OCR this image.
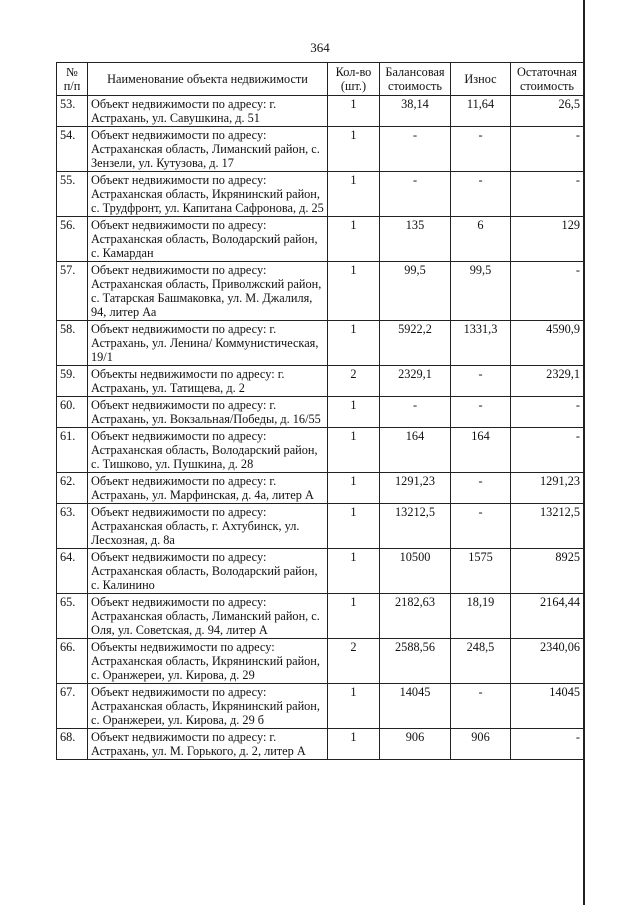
364
№ п/п	Наименование объекта недвижимости	Кол-во (шт.)	Балансовая стоимость	Износ	Остаточная стоимость
53.	Объект недвижимости по адресу: г. Астрахань, ул. Савушкина, д. 51	1	38,14	11,64	26,5
54.	Объект недвижимости по адресу: Астраханская область, Лиманский район, с. Зензели, ул. Кутузова, д. 17	1	-	-	-
55.	Объект недвижимости по адресу: Астраханская область, Икрянинский район, с. Трудфронт, ул. Капитана Сафронова, д. 25	1	-	-	-
56.	Объект недвижимости по адресу: Астраханская область, Володарский район, с. Камардан	1	135	6	129
57.	Объект недвижимости по адресу: Астраханская область, Приволжский район, с. Татарская Башмаковка, ул. М. Джалиля, 94, литер Аа	1	99,5	99,5	-
58.	Объект недвижимости по адресу: г. Астрахань, ул. Ленина/ Коммунистическая, 19/1	1	5922,2	1331,3	4590,9
59.	Объекты недвижимости по адресу: г. Астрахань, ул. Татищева, д. 2	2	2329,1	-	2329,1
60.	Объект недвижимости по адресу: г. Астрахань, ул. Вокзальная/Победы, д. 16/55	1	-	-	-
61.	Объект недвижимости по адресу: Астраханская область, Володарский район, с. Тишково, ул. Пушкина, д. 28	1	164	164	-
62.	Объект недвижимости по адресу: г. Астрахань, ул. Марфинская, д. 4а, литер А	1	1291,23	-	1291,23
63.	Объект недвижимости по адресу: Астраханская область, г. Ахтубинск, ул. Лесхозная, д. 8а	1	13212,5	-	13212,5
64.	Объект недвижимости по адресу: Астраханская область, Володарский район, с. Калинино	1	10500	1575	8925
65.	Объект недвижимости по адресу: Астраханская область, Лиманский район, с. Оля, ул. Советская, д. 94, литер А	1	2182,63	18,19	2164,44
66.	Объекты недвижимости по адресу: Астраханская область, Икрянинский район, с. Оранжереи, ул. Кирова, д. 29	2	2588,56	248,5	2340,06
67.	Объект недвижимости по адресу: Астраханская область, Икрянинский район, с. Оранжереи, ул. Кирова, д. 29 б	1	14045	-	14045
68.	Объект недвижимости по адресу: г. Астрахань, ул. М. Горького, д. 2, литер А	1	906	906	-
